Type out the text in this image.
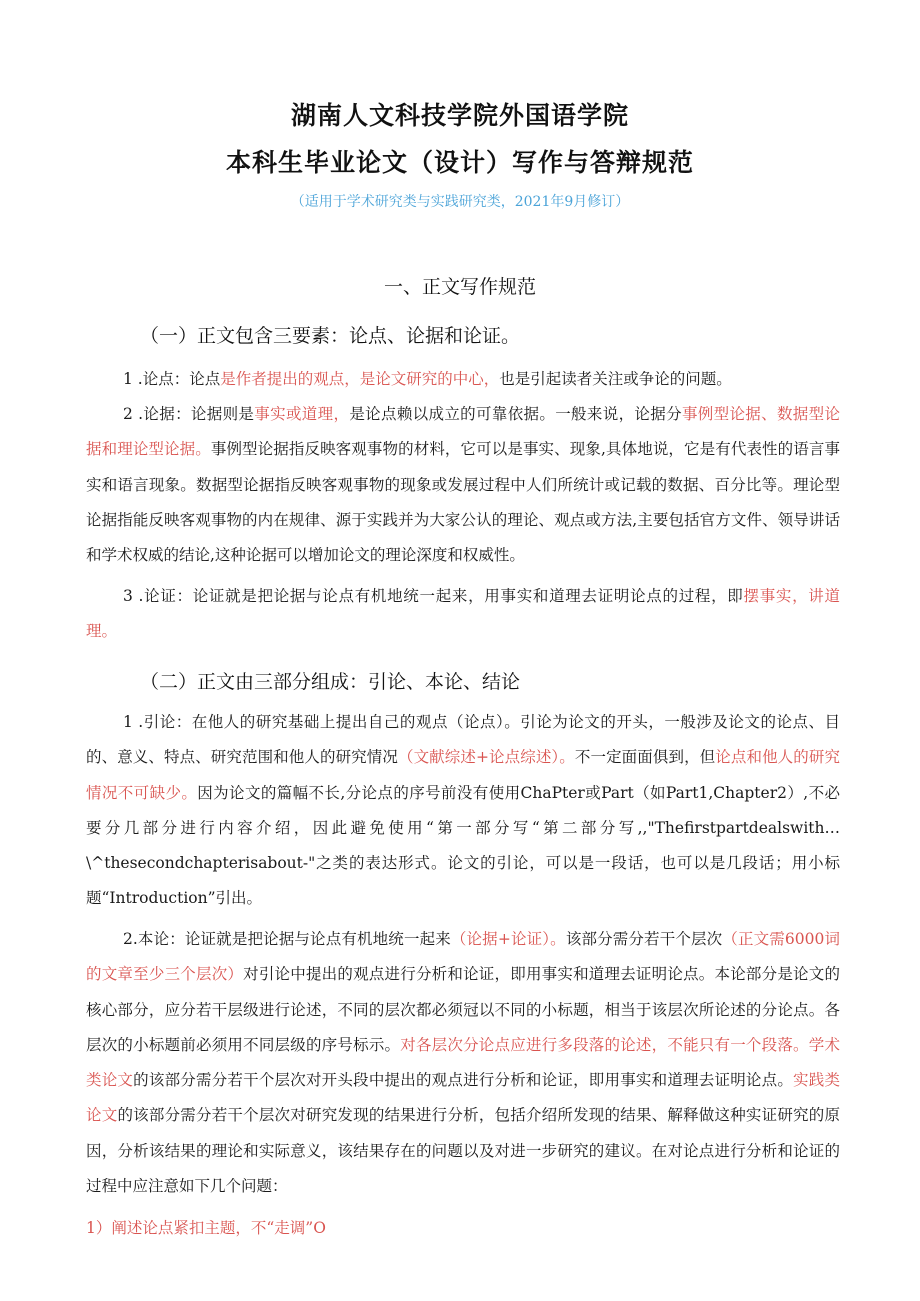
湖南人文科技学院外国语学院
本科生毕业论文（设计）写作与答辩规范
（适用于学术研究类与实践研究类，2021年9月修订）
一、正文写作规范
（一）正文包含三要素：论点、论据和论证。

1 .论点：论点是作者提出的观点，是论文研究的中心，也是引起读者关注或争论的问题。

2 .论据：论据则是事实或道理，是论点赖以成立的可靠依据。一般来说，论据分事例型论据、数据型论据和理论型论据。事例型论据指反映客观事物的材料，它可以是事实、现象,具体地说，它是有代表性的语言事实和语言现象。数据型论据指反映客观事物的现象或发展过程中人们所统计或记载的数据、百分比等。理论型论据指能反映客观事物的内在规律、源于实践并为大家公认的理论、观点或方法,主要包括官方文件、领导讲话和学术权威的结论,这种论据可以增加论文的理论深度和权威性。

3 .论证：论证就是把论据与论点有机地统一起来，用事实和道理去证明论点的过程，即摆事实，讲道理。

（二）正文由三部分组成：引论、本论、结论

1 .引论：在他人的研究基础上提出自己的观点（论点）。引论为论文的开头，一般涉及论文的论点、目的、意义、特点、研究范围和他人的研究情况（文献综述+论点综述）。不一定面面俱到，但论点和他人的研究情况不可缺少。因为论文的篇幅不长,分论点的序号前没有使用ChaPter或Part（如Part1,Chapter2）,不必要分几部分进行内容介绍，因此避免使用“第一部分写“第二部分写,,"Thefirstpartdealswith…\^thesecondchapterisabout-"之类的表达形式。论文的引论，可以是一段话，也可以是几段话；用小标题“Introduction”引出。

2.本论：论证就是把论据与论点有机地统一起来（论据+论证）。该部分需分若干个层次（正文需6000词的文章至少三个层次）对引论中提出的观点进行分析和论证，即用事实和道理去证明论点。本论部分是论文的核心部分，应分若干层级进行论述，不同的层次都必须冠以不同的小标题，相当于该层次所论述的分论点。各层次的小标题前必须用不同层级的序号标示。对各层次分论点应进行多段落的论述，不能只有一个段落。学术类论文的该部分需分若干个层次对开头段中提出的观点进行分析和论证，即用事实和道理去证明论点。实践类论文的该部分需分若干个层次对研究发现的结果进行分析，包括介绍所发现的结果、解释做这种实证研究的原因，分析该结果的理论和实际意义，该结果存在的问题以及对进一步研究的建议。在对论点进行分析和论证的过程中应注意如下几个问题：

1）阐述论点紧扣主题，不“走调”O
